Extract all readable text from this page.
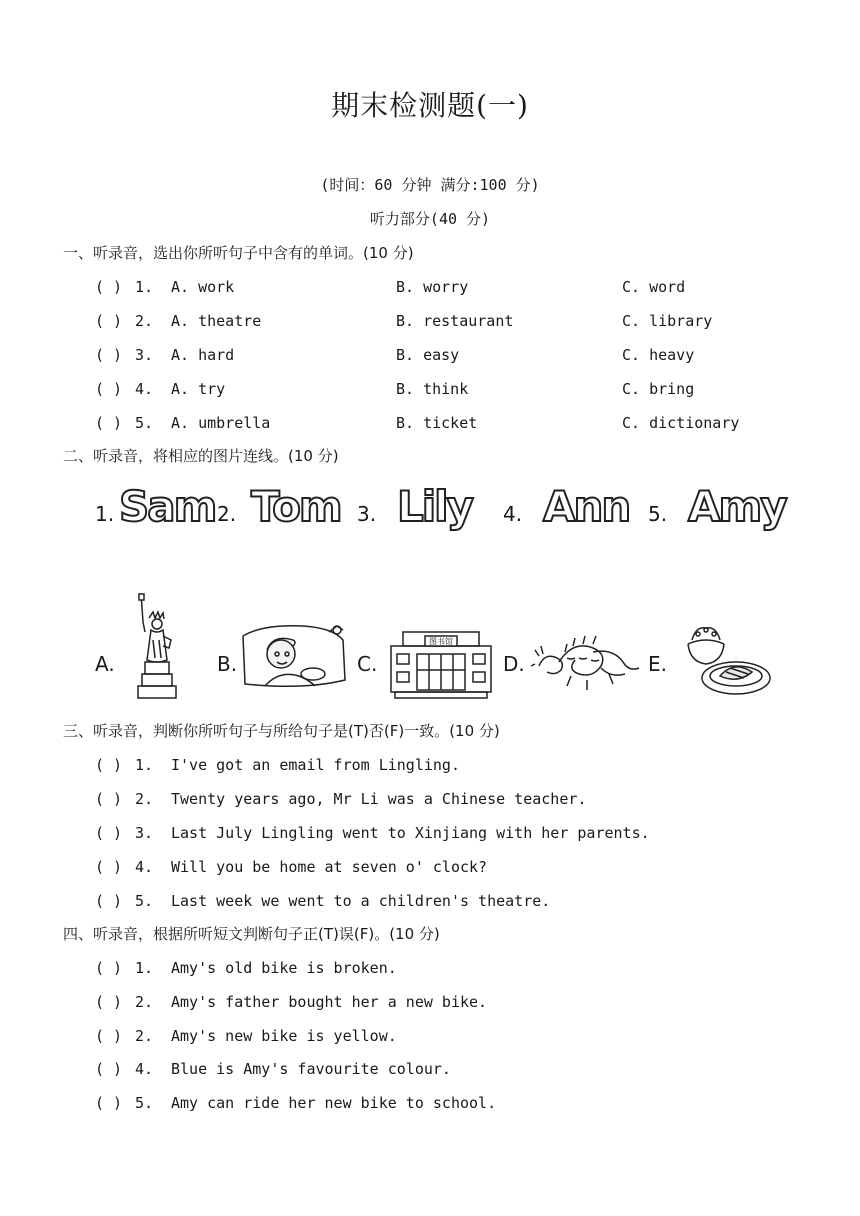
期末检测题(一)
(时间：60 分钟 满分:100 分)
听力部分(40 分)
一、听录音，选出你所听句子中含有的单词。(10 分)
( ) 1. A. work	B. worry	C. word
( ) 2. A. theatre	B. restaurant	C. library
( ) 3. A. hard	B. easy	C. heavy
( ) 4. A. try	B. think	C. bring
( ) 5. A. umbrella	B. ticket	C. dictionary
二、听录音，将相应的图片连线。(10 分)
1. Sam 2. Tom 3. Lily 4. Ann 5. Amy
A.	B.	C.
图书馆
D.	E.
三、听录音，判断你所听句子与所给句子是(T)否(F)一致。(10 分)
( ) 1. I've got an email from Lingling.
( ) 2. Twenty years ago, Mr Li was a Chinese teacher.
( ) 3. Last July Lingling went to Xinjiang with her parents.
( ) 4. Will you be home at seven o' clock?
( ) 5. Last week we went to a children's theatre.
四、听录音，根据所听短文判断句子正(T)误(F)。(10 分)
( ) 1. Amy's old bike is broken.
( ) 2. Amy's father bought her a new bike.
( ) 2. Amy's new bike is yellow.
( ) 4. Blue is Amy's favourite colour.
( ) 5. Amy can ride her new bike to school.
